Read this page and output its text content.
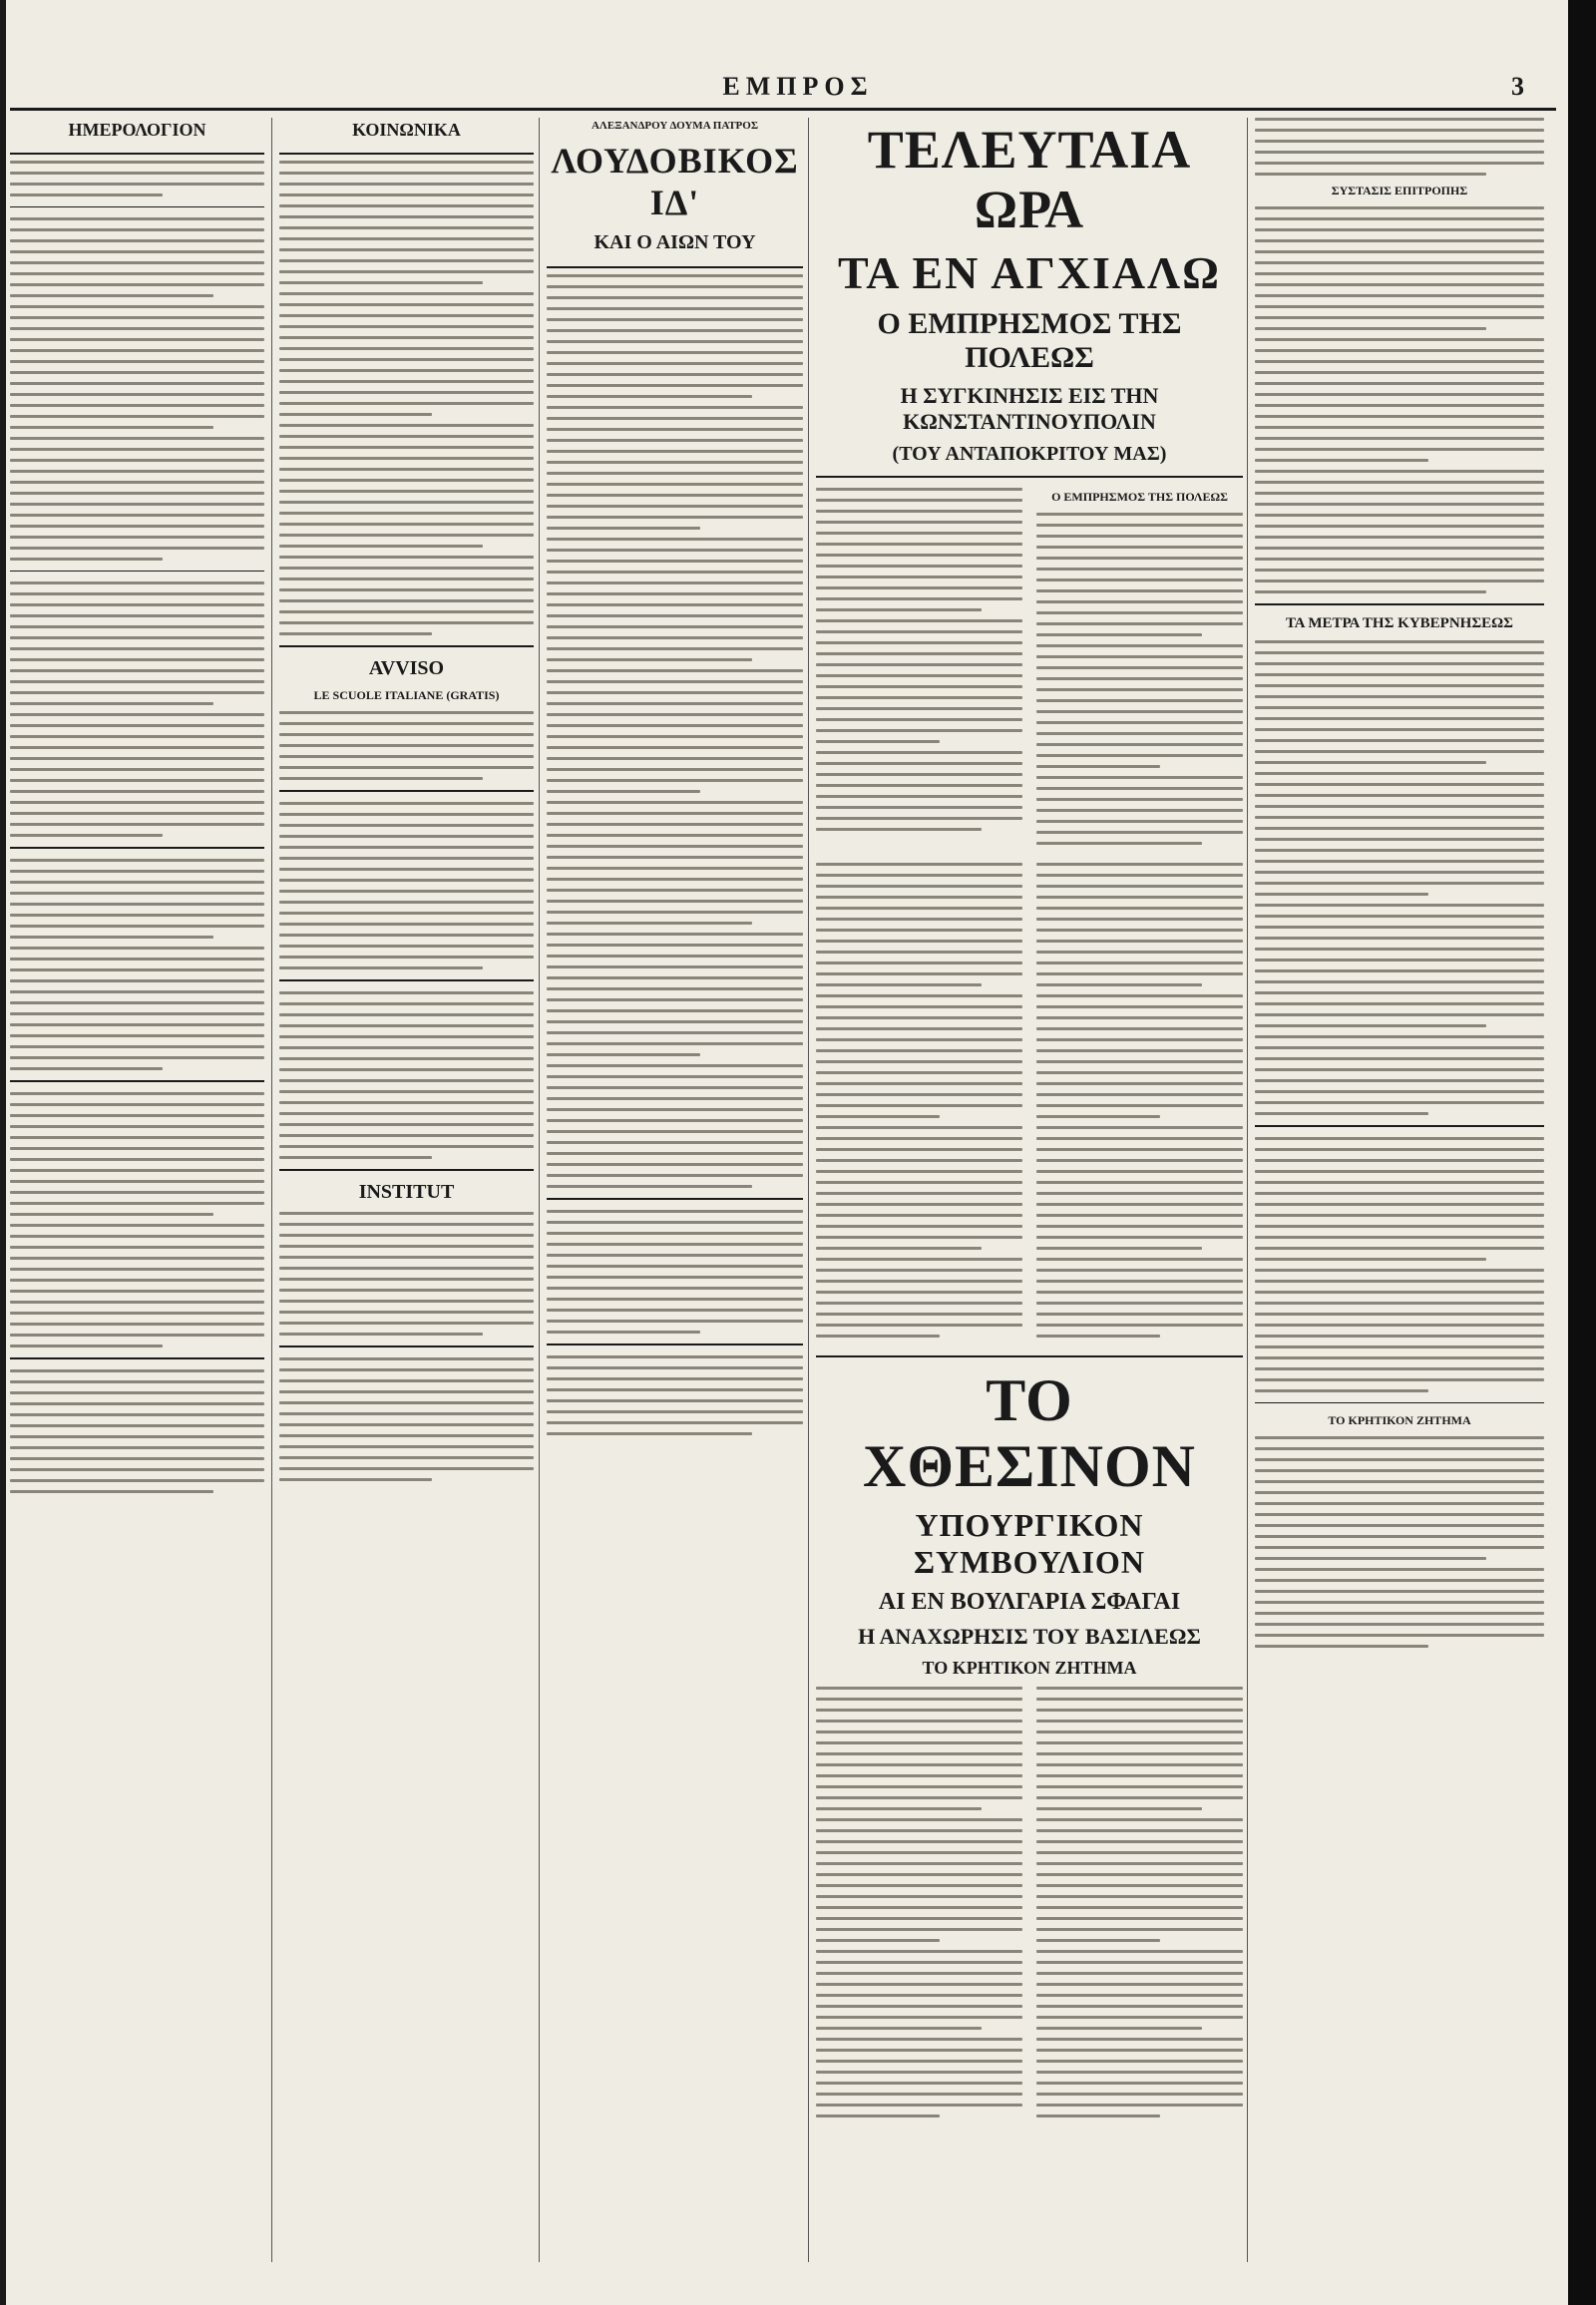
ΕΜΠΡΟΣ	3
ΗΜΕΡΟΛΟΓΙΟΝ	ΚΟΙΝΩΝΙΚΑ
AVVISO
LE SCUOLE ITALIANE (GRATIS)
INSTITUT
ΑΛΕΞΑΝΔΡΟΥ ΔΟΥΜΑ ΠΑΤΡΟΣ
ΛΟΥΔΟΒΙΚΟΣ ΙΔ'
ΚΑΙ Ο ΑΙΩΝ ΤΟΥ
ΤΕΛΕΥΤΑΙΑ ΩΡΑ
ΤΑ ΕΝ ΑΓΧΙΑΛΩ
Ο ΕΜΠΡΗΣΜΟΣ ΤΗΣ ΠΟΛΕΩΣ
Η ΣΥΓΚΙΝΗΣΙΣ ΕΙΣ ΤΗΝ ΚΩΝΣΤΑΝΤΙΝΟΥΠΟΛΙΝ
(ΤΟΥ ΑΝΤΑΠΟΚΡΙΤΟΥ ΜΑΣ)
Ο ΕΜΠΡΗΣΜΟΣ ΤΗΣ ΠΟΛΕΩΣ
ΤΟ ΧΘΕΣΙΝΟΝ
ΥΠΟΥΡΓΙΚΟΝ ΣΥΜΒΟΥΛΙΟΝ
ΑΙ ΕΝ ΒΟΥΛΓΑΡΙΑ ΣΦΑΓΑΙ
Η ΑΝΑΧΩΡΗΣΙΣ ΤΟΥ ΒΑΣΙΛΕΩΣ
ΤΟ ΚΡΗΤΙΚΟΝ ΖΗΤΗΜΑ
ΣΥΣΤΑΣΙΣ ΕΠΙΤΡΟΠΗΣ
ΤΑ ΜΕΤΡΑ ΤΗΣ ΚΥΒΕΡΝΗΣΕΩΣ
ΤΟ ΚΡΗΤΙΚΟΝ ΖΗΤΗΜΑ
